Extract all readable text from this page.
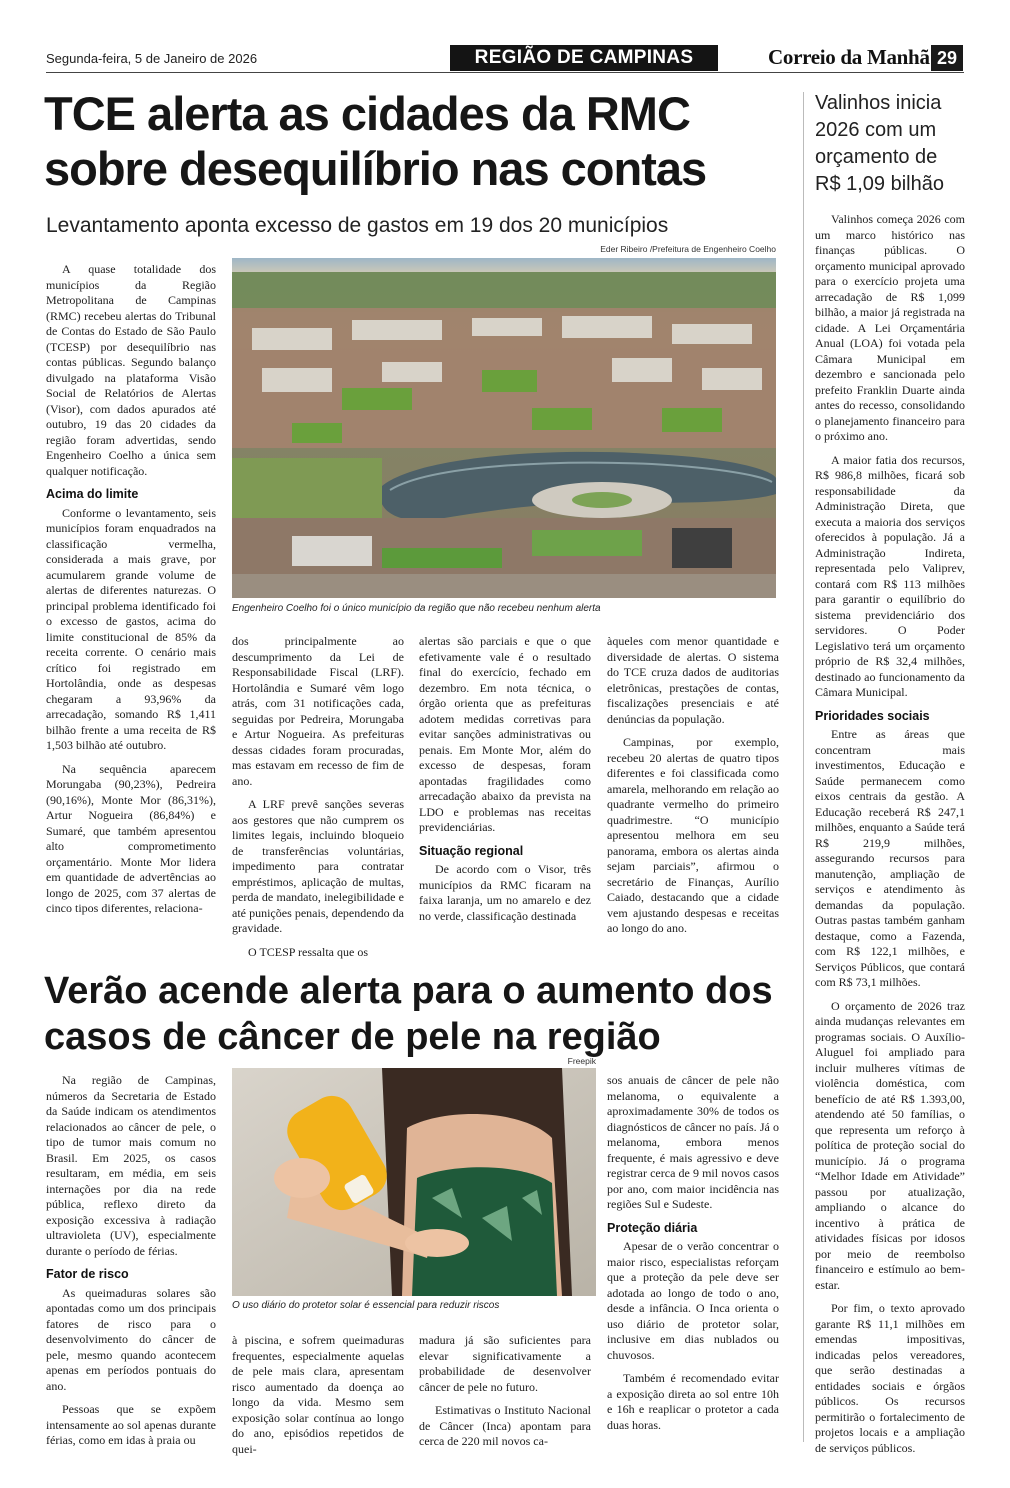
Segunda-feira, 5 de Janeiro de 2026	REGIÃO DE CAMPINAS	Correio da Manhã 29
TCE alerta as cidades da RMC sobre desequilíbrio nas contas
Levantamento aponta excesso de gastos em 19 dos 20 municípios
Eder Ribeiro /Prefeitura de Engenheiro Coelho
Engenheiro Coelho foi o único município da região que não recebeu nenhum alerta

A quase totalidade dos municípios da Região Metropolitana de Campinas (RMC) recebeu alertas do Tribunal de Contas do Estado de São Paulo (TCESP) por desequilíbrio nas contas públicas. Segundo balanço divulgado na plataforma Visão Social de Relatórios de Alertas (Visor), com dados apurados até outubro, 19 das 20 cidades da região foram advertidas, sendo Engenheiro Coelho a única sem qualquer notificação.

Acima do limite

Conforme o levantamento, seis municípios foram enquadrados na classificação vermelha, considerada a mais grave, por acumularem grande volume de alertas de diferentes naturezas. O principal problema identificado foi o excesso de gastos, acima do limite constitucional de 85% da receita corrente. O cenário mais crítico foi registrado em Hortolândia, onde as despesas chegaram a 93,96% da arrecadação, somando R$ 1,411 bilhão frente a uma receita de R$ 1,503 bilhão até outubro.

Na sequência aparecem Morungaba (90,23%), Pedreira (90,16%), Monte Mor (86,31%), Artur Nogueira (86,84%) e Sumaré, que também apresentou alto comprometimento orçamentário. Monte Mor lidera em quantidade de advertências ao longo de 2025, com 37 alertas de cinco tipos diferentes, relaciona-

dos principalmente ao descumprimento da Lei de Responsabilidade Fiscal (LRF). Hortolândia e Sumaré vêm logo atrás, com 31 notificações cada, seguidas por Pedreira, Morungaba e Artur Nogueira. As prefeituras dessas cidades foram procuradas, mas estavam em recesso de fim de ano.

A LRF prevê sanções severas aos gestores que não cumprem os limites legais, incluindo bloqueio de transferências voluntárias, impedimento para contratar empréstimos, aplicação de multas, perda de mandato, inelegibilidade e até punições penais, dependendo da gravidade.

O TCESP ressalta que os

alertas são parciais e que o que efetivamente vale é o resultado final do exercício, fechado em dezembro. Em nota técnica, o órgão orienta que as prefeituras adotem medidas corretivas para evitar sanções administrativas ou penais. Em Monte Mor, além do excesso de despesas, foram apontadas fragilidades como arrecadação abaixo da prevista na LDO e problemas nas receitas previdenciárias.

Situação regional

De acordo com o Visor, três municípios da RMC ficaram na faixa laranja, um no amarelo e dez no verde, classificação destinada

àqueles com menor quantidade e diversidade de alertas. O sistema do TCE cruza dados de auditorias eletrônicas, prestações de contas, fiscalizações presenciais e até denúncias da população.

Campinas, por exemplo, recebeu 20 alertas de quatro tipos diferentes e foi classificada como amarela, melhorando em relação ao quadrante vermelho do primeiro quadrimestre. “O município apresentou melhora em seu panorama, embora os alertas ainda sejam parciais”, afirmou o secretário de Finanças, Aurílio Caiado, destacando que a cidade vem ajustando despesas e receitas ao longo do ano.

Verão acende alerta para o aumento dos casos de câncer de pele na região
Freepik
O uso diário do protetor solar é essencial para reduzir riscos

Na região de Campinas, números da Secretaria de Estado da Saúde indicam os atendimentos relacionados ao câncer de pele, o tipo de tumor mais comum no Brasil. Em 2025, os casos resultaram, em média, em seis internações por dia na rede pública, reflexo direto da exposição excessiva à radiação ultravioleta (UV), especialmente durante o período de férias.

Fator de risco

As queimaduras solares são apontadas como um dos principais fatores de risco para o desenvolvimento do câncer de pele, mesmo quando acontecem apenas em períodos pontuais do ano.

Pessoas que se expõem intensamente ao sol apenas durante férias, como em idas à praia ou

à piscina, e sofrem queimaduras frequentes, especialmente aquelas de pele mais clara, apresentam risco aumentado da doença ao longo da vida. Mesmo sem exposição solar contínua ao longo do ano, episódios repetidos de quei-

madura já são suficientes para elevar significativamente a probabilidade de desenvolver câncer de pele no futuro.

Estimativas o Instituto Nacional de Câncer (Inca) apontam para cerca de 220 mil novos ca-

sos anuais de câncer de pele não melanoma, o equivalente a aproximadamente 30% de todos os diagnósticos de câncer no país. Já o melanoma, embora menos frequente, é mais agressivo e deve registrar cerca de 9 mil novos casos por ano, com maior incidência nas regiões Sul e Sudeste.

Proteção diária

Apesar de o verão concentrar o maior risco, especialistas reforçam que a proteção da pele deve ser adotada ao longo de todo o ano, desde a infância. O Inca orienta o uso diário de protetor solar, inclusive em dias nublados ou chuvosos.

Também é recomendado evitar a exposição direta ao sol entre 10h e 16h e reaplicar o protetor a cada duas horas.

Valinhos inicia 2026 com um orçamento de R$ 1,09 bilhão

Valinhos começa 2026 com um marco histórico nas finanças públicas. O orçamento municipal aprovado para o exercício projeta uma arrecadação de R$ 1,099 bilhão, a maior já registrada na cidade. A Lei Orçamentária Anual (LOA) foi votada pela Câmara Municipal em dezembro e sancionada pelo prefeito Franklin Duarte ainda antes do recesso, consolidando o planejamento financeiro para o próximo ano.

A maior fatia dos recursos, R$ 986,8 milhões, ficará sob responsabilidade da Administração Direta, que executa a maioria dos serviços oferecidos à população. Já a Administração Indireta, representada pelo Valiprev, contará com R$ 113 milhões para garantir o equilíbrio do sistema previdenciário dos servidores. O Poder Legislativo terá um orçamento próprio de R$ 32,4 milhões, destinado ao funcionamento da Câmara Municipal.

Prioridades sociais

Entre as áreas que concentram mais investimentos, Educação e Saúde permanecem como eixos centrais da gestão. A Educação receberá R$ 247,1 milhões, enquanto a Saúde terá R$ 219,9 milhões, assegurando recursos para manutenção, ampliação de serviços e atendimento às demandas da população. Outras pastas também ganham destaque, como a Fazenda, com R$ 122,1 milhões, e Serviços Públicos, que contará com R$ 73,1 milhões.

O orçamento de 2026 traz ainda mudanças relevantes em programas sociais. O Auxílio-Aluguel foi ampliado para incluir mulheres vítimas de violência doméstica, com benefício de até R$ 1.393,00, atendendo até 50 famílias, o que representa um reforço à política de proteção social do município. Já o programa “Melhor Idade em Atividade” passou por atualização, ampliando o alcance do incentivo à prática de atividades físicas por idosos por meio de reembolso financeiro e estímulo ao bem-estar.

Por fim, o texto aprovado garante R$ 11,1 milhões em emendas impositivas, indicadas pelos vereadores, que serão destinadas a entidades sociais e órgãos públicos. Os recursos permitirão o fortalecimento de projetos locais e a ampliação de serviços públicos.
